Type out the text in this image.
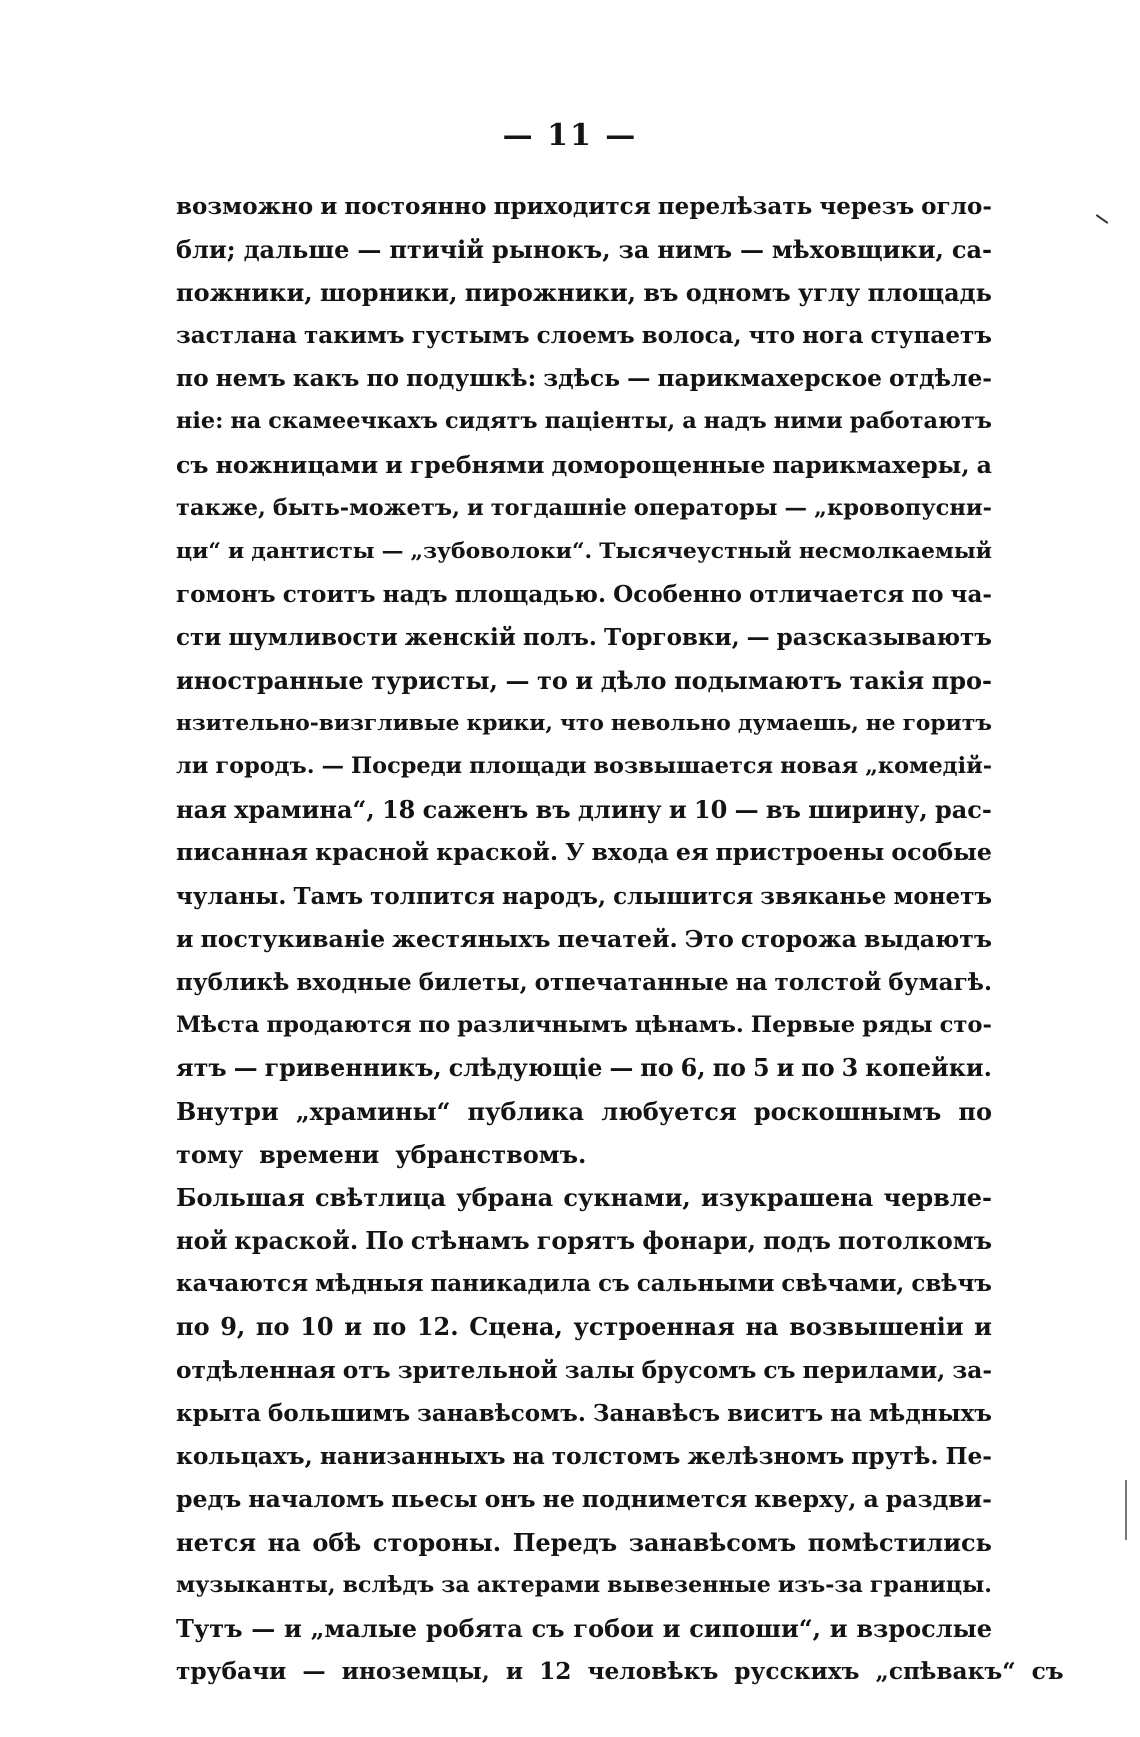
— 11 —
возможно и постоянно приходится перелѣзать черезъ огло-
бли; дальше — птичій рынокъ, за нимъ — мѣховщики, са-
пожники, шорники, пирожники, въ одномъ углу площадь
застлана такимъ густымъ слоемъ волоса, что нога ступаетъ
по немъ какъ по подушкѣ: здѣсь — парикмахерское отдѣле-
ніе: на скамеечкахъ сидятъ паціенты, а надъ ними работаютъ
съ ножницами и гребнями доморощенные парикмахеры, а
также, быть-можетъ, и тогдашніе операторы — „кровопусни-
ци“ и дантисты — „зубоволоки“. Тысячеустный несмолкаемый
гомонъ стоитъ надъ площадью. Особенно отличается по ча-
сти шумливости женскій полъ. Торговки, — разсказываютъ
иностранные туристы, — то и дѣло подымаютъ такія про-
нзительно-визгливые крики, что невольно думаешь, не горитъ
ли городъ. — Посреди площади возвышается новая „комедій-
ная храмина“, 18 саженъ въ длину и 10 — въ ширину, рас-
писанная красной краской. У входа ея пристроены особые
чуланы. Тамъ толпится народъ, слышится звяканье монетъ
и постукиваніе жестяныхъ печатей. Это сторожа выдаютъ
публикѣ входные билеты, отпечатанные на толстой бумагѣ.
Мѣста продаются по различнымъ цѣнамъ. Первые ряды сто-
ятъ — гривенникъ, слѣдующіе — по 6, по 5 и по 3 копейки.
Внутри „храмины“ публика любуется роскошнымъ по
тому времени убранствомъ.
Большая свѣтлица убрана сукнами, изукрашена червле-
ной краской. По стѣнамъ горятъ фонари, подъ потолкомъ
качаются мѣдныя паникадила съ сальными свѣчами, свѣчъ
по 9, по 10 и по 12. Сцена, устроенная на возвышеніи и
отдѣленная отъ зрительной залы брусомъ съ перилами, за-
крыта большимъ занавѣсомъ. Занавѣсъ виситъ на мѣдныхъ
кольцахъ, нанизанныхъ на толстомъ желѣзномъ прутѣ. Пе-
редъ началомъ пьесы онъ не поднимется кверху, а раздви-
нется на обѣ стороны. Передъ занавѣсомъ помѣстились
музыканты, вслѣдъ за актерами вывезенные изъ-за границы.
Тутъ — и „малые робята съ гобои и сипоши“, и взрослые
трубачи — иноземцы, и 12 человѣкъ русскихъ „спѣвакъ“ съ
